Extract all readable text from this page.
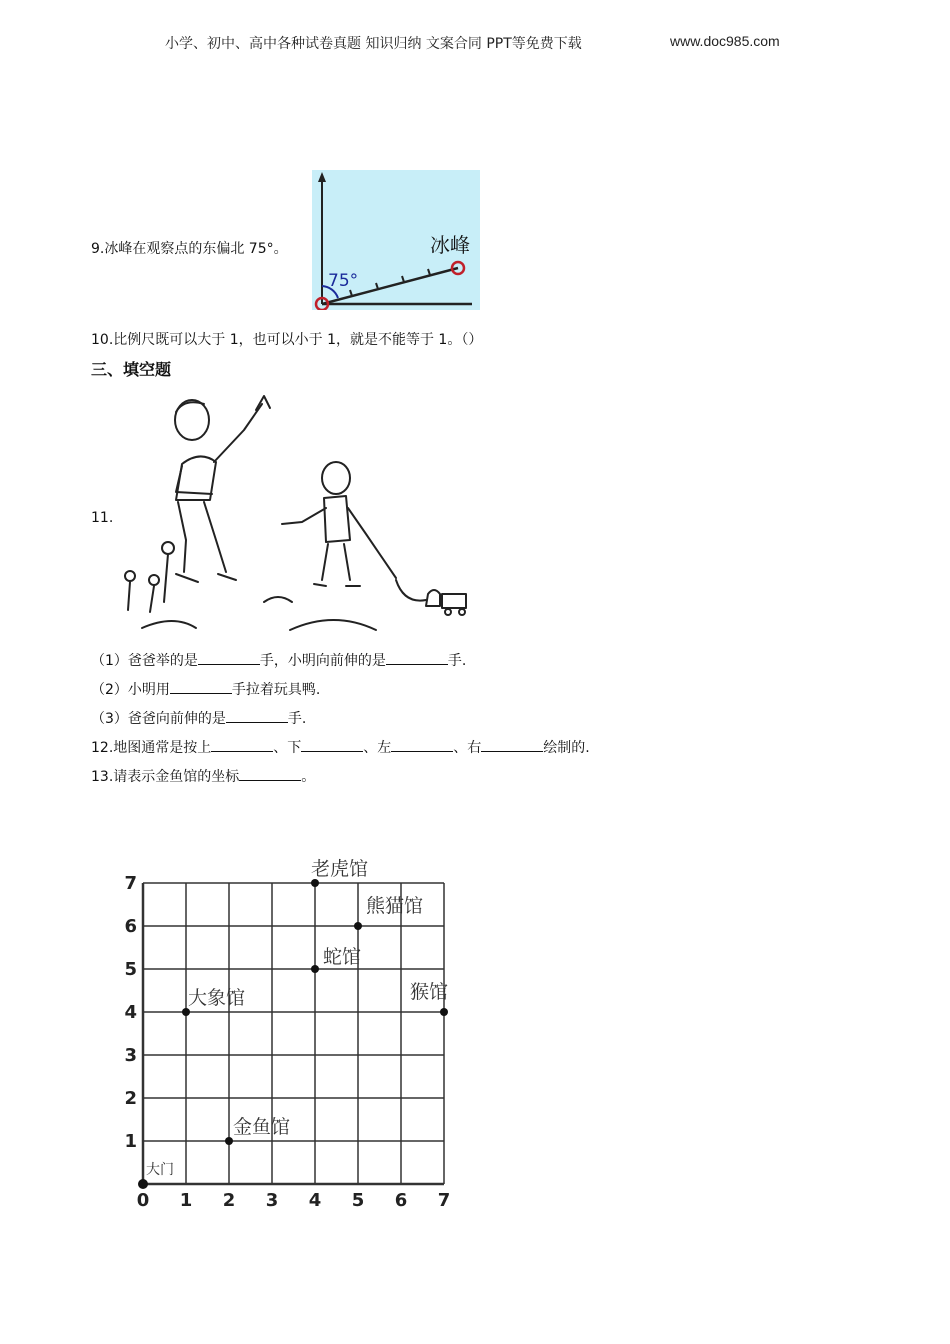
小学、初中、高中各种试卷真题 知识归纳 文案合同 PPT等免费下载	www.doc985.com
9.冰峰在观察点的东偏北 75°。
75°
冰峰
10.比例尺既可以大于 1，也可以小于 1，就是不能等于 1。（）
三、填空题
11.
（1）爸爸举的是	手，小明向前伸的是	手.
（2）小明用	手拉着玩具鸭.
（3）爸爸向前伸的是	手.
12.地图通常是按上	、下	、左	、右	绘制的.
13.请表示金鱼馆的坐标	。
0 1 2 3 4 5 6 7
1
2
3
4
5
6
7
大门
金鱼馆
大象馆
蛇馆
熊猫馆
老虎馆
猴馆
